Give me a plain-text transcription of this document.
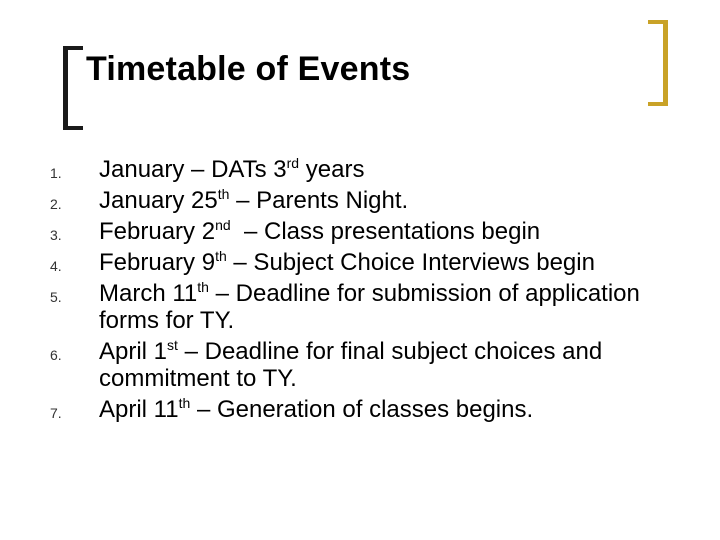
Timetable of Events
1. January – DATs 3rd years
2. January 25th – Parents Night.
3. February 2nd  – Class presentations begin
4. February 9th – Subject Choice Interviews begin
5. March 11th – Deadline for submission of application forms for TY.
6. April 1st – Deadline for final subject choices and commitment to TY.
7. April 11th – Generation of classes begins.
